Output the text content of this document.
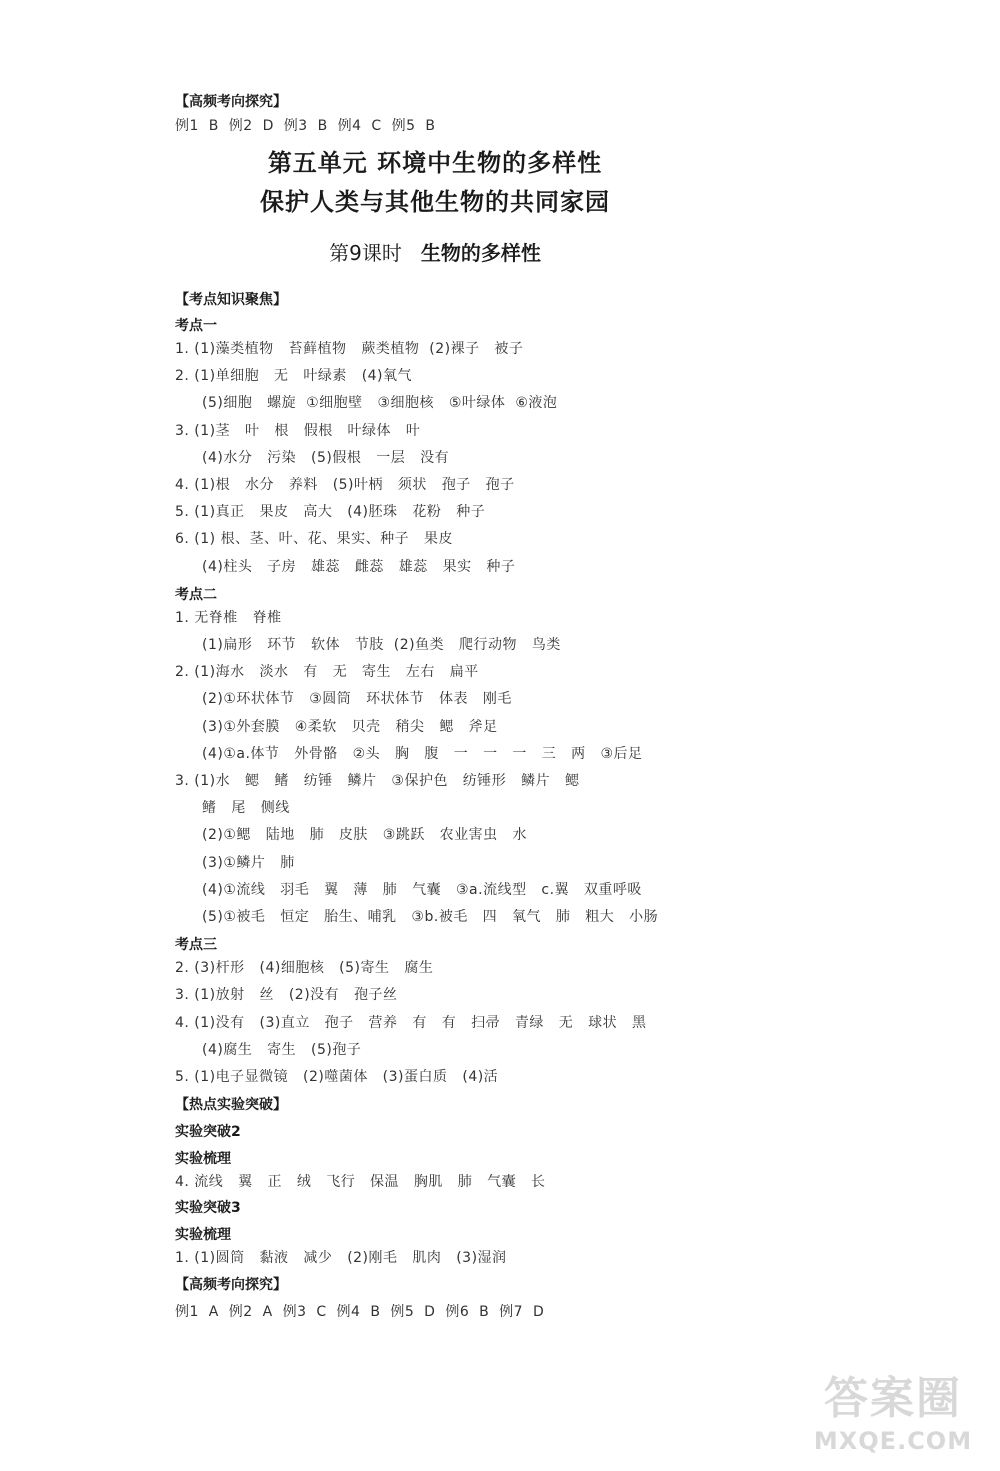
【高频考向探究】
例1  B  例2  D  例3  B  例4  C  例5  B
第五单元 环境中生物的多样性
保护人类与其他生物的共同家园
第9课时 生物的多样性
【考点知识聚焦】
考点一
1. (1)藻类植物   苔藓植物   蕨类植物  (2)裸子   被子
2. (1)单细胞   无   叶绿素   (4)氧气
(5)细胞   螺旋  ①细胞壁   ③细胞核   ⑤叶绿体  ⑥液泡
3. (1)茎   叶   根   假根   叶绿体   叶
(4)水分   污染   (5)假根   一层   没有
4. (1)根   水分   养料   (5)叶柄   须状   孢子   孢子
5. (1)真正   果皮   高大   (4)胚珠   花粉   种子
6. (1) 根、茎、叶、花、果实、种子   果皮
(4)柱头   子房   雄蕊   雌蕊   雄蕊   果实   种子
考点二
1. 无脊椎   脊椎
(1)扁形   环节   软体   节肢  (2)鱼类   爬行动物   鸟类
2. (1)海水   淡水   有   无   寄生   左右   扁平
(2)①环状体节   ③圆筒   环状体节   体表   刚毛
(3)①外套膜   ④柔软   贝壳   稍尖   鳃   斧足
(4)①a.体节   外骨骼   ②头   胸   腹   一   一   一   三   两   ③后足
3. (1)水   鳃   鳍   纺锤   鳞片   ③保护色   纺锤形   鳞片   鳃
鳍   尾   侧线
(2)①鳃   陆地   肺   皮肤   ③跳跃   农业害虫   水
(3)①鳞片   肺
(4)①流线   羽毛   翼   薄   肺   气囊   ③a.流线型   c.翼   双重呼吸
(5)①被毛   恒定   胎生、哺乳   ③b.被毛   四   氧气   肺   粗大   小肠
考点三
2. (3)杆形   (4)细胞核   (5)寄生   腐生
3. (1)放射   丝   (2)没有   孢子丝
4. (1)没有   (3)直立   孢子   营养   有   有   扫帚   青绿   无   球状   黑
(4)腐生   寄生   (5)孢子
5. (1)电子显微镜   (2)噬菌体   (3)蛋白质   (4)活
【热点实验突破】
实验突破2
实验梳理
4. 流线   翼   正   绒   飞行   保温   胸肌   肺   气囊   长
实验突破3
实验梳理
1. (1)圆筒   黏液   减少   (2)刚毛   肌肉   (3)湿润
【高频考向探究】
例1  A  例2  A  例3  C  例4  B  例5  D  例6  B  例7  D
答案圈
MXQE.COM
